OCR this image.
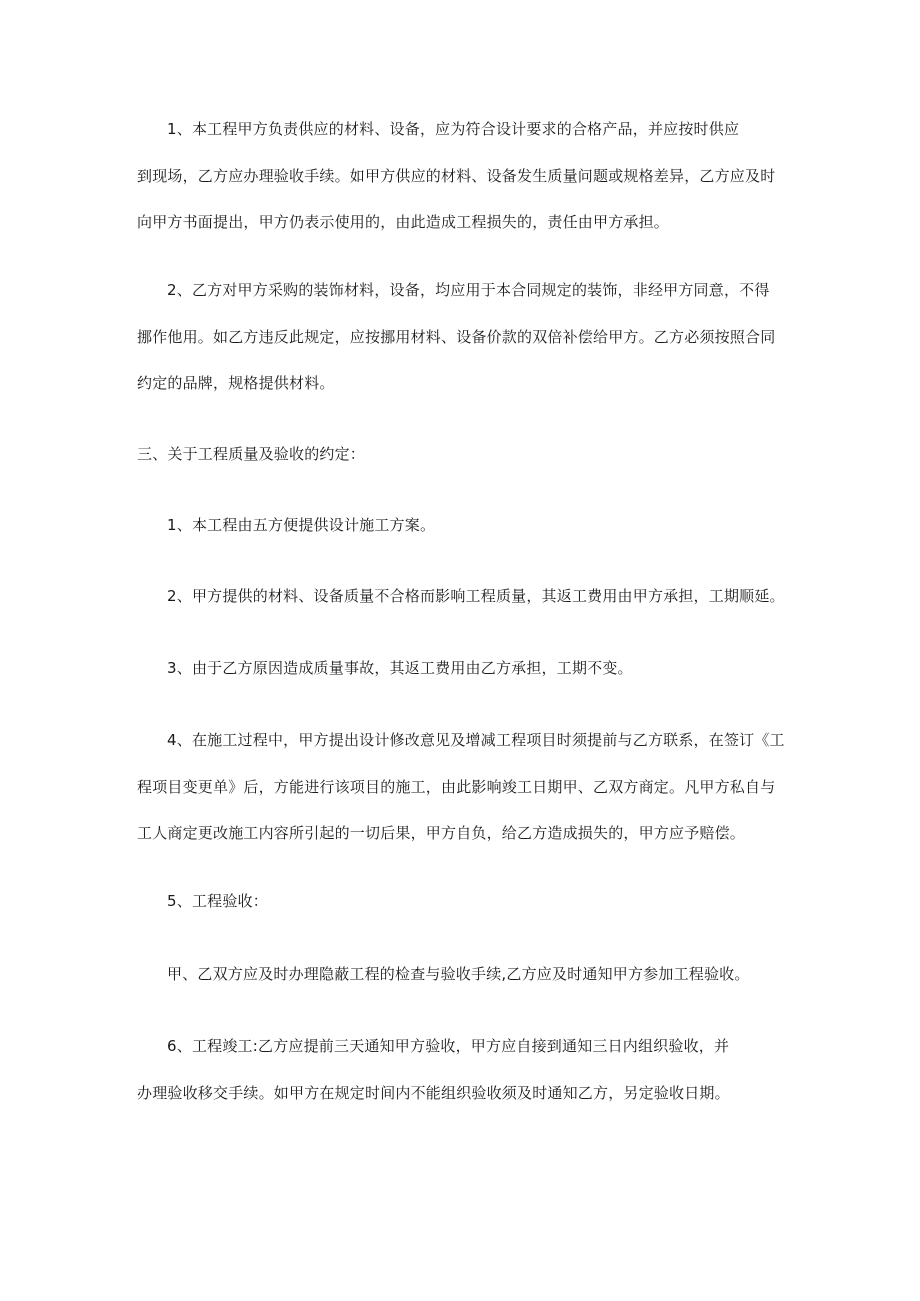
1、本工程甲方负责供应的材料、设备，应为符合设计要求的合格产品，并应按时供应
到现场，乙方应办理验收手续。如甲方供应的材料、设备发生质量问题或规格差异，乙方应及时
向甲方书面提出，甲方仍表示使用的，由此造成工程损失的，责任由甲方承担。
2、乙方对甲方采购的装饰材料，设备，均应用于本合同规定的装饰，非经甲方同意，不得
挪作他用。如乙方违反此规定，应按挪用材料、设备价款的双倍补偿给甲方。乙方必须按照合同
约定的品牌，规格提供材料。
三、关于工程质量及验收的约定：
1、本工程由五方便提供设计施工方案。
2、甲方提供的材料、设备质量不合格而影响工程质量，其返工费用由甲方承担，工期顺延。
3、由于乙方原因造成质量事故，其返工费用由乙方承担，工期不变。
4、在施工过程中，甲方提出设计修改意见及增减工程项目时须提前与乙方联系，在签订《工
程项目变更单》后，方能进行该项目的施工，由此影响竣工日期甲、乙双方商定。凡甲方私自与
工人商定更改施工内容所引起的一切后果，甲方自负，给乙方造成损失的，甲方应予赔偿。
5、工程验收：
甲、乙双方应及时办理隐蔽工程的检查与验收手续,乙方应及时通知甲方参加工程验收。
6、工程竣工:乙方应提前三天通知甲方验收，甲方应自接到通知三日内组织验收，并
办理验收移交手续。如甲方在规定时间内不能组织验收须及时通知乙方，另定验收日期。
